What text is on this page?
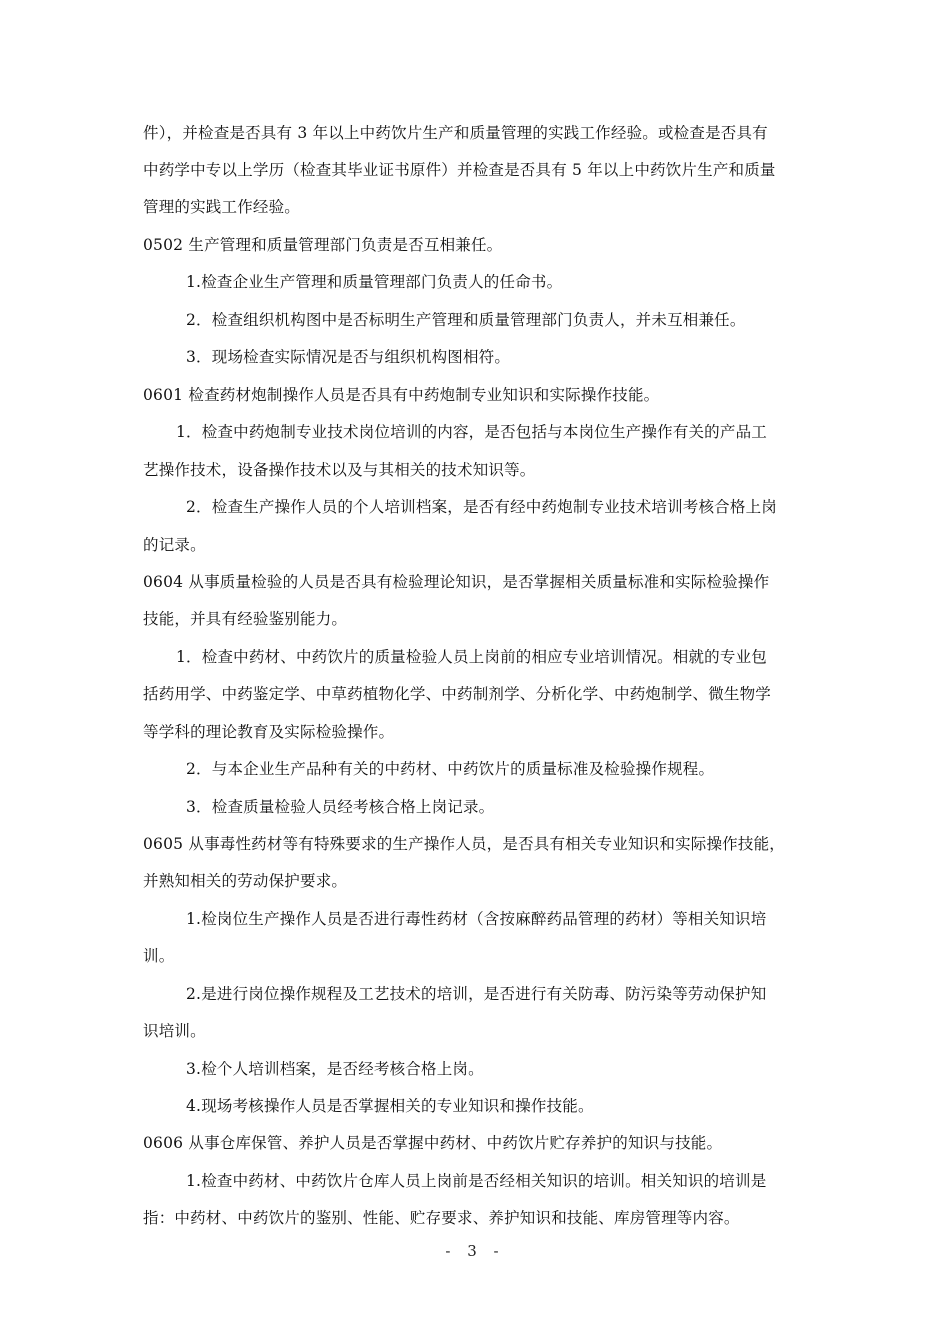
件），并检查是否具有 3 年以上中药饮片生产和质量管理的实践工作经验。或检查是否具有
中药学中专以上学历（检查其毕业证书原件）并检查是否具有 5 年以上中药饮片生产和质量
管理的实践工作经验。
0502 生产管理和质量管理部门负责是否互相兼任。
1.检查企业生产管理和质量管理部门负责人的任命书。
2．检查组织机构图中是否标明生产管理和质量管理部门负责人，并未互相兼任。
3．现场检查实际情况是否与组织机构图相符。
0601 检查药材炮制操作人员是否具有中药炮制专业知识和实际操作技能。
1．检查中药炮制专业技术岗位培训的内容，是否包括与本岗位生产操作有关的产品工
艺操作技术，设备操作技术以及与其相关的技术知识等。
2．检查生产操作人员的个人培训档案，是否有经中药炮制专业技术培训考核合格上岗
的记录。
0604 从事质量检验的人员是否具有检验理论知识，是否掌握相关质量标准和实际检验操作
技能，并具有经验鉴别能力。
1．检查中药材、中药饮片的质量检验人员上岗前的相应专业培训情况。相就的专业包
括药用学、中药鉴定学、中草药植物化学、中药制剂学、分析化学、中药炮制学、微生物学
等学科的理论教育及实际检验操作。
2．与本企业生产品种有关的中药材、中药饮片的质量标准及检验操作规程。
3．检查质量检验人员经考核合格上岗记录。
0605 从事毒性药材等有特殊要求的生产操作人员，是否具有相关专业知识和实际操作技能，
并熟知相关的劳动保护要求。
1.检岗位生产操作人员是否进行毒性药材（含按麻醉药品管理的药材）等相关知识培
训。
2.是进行岗位操作规程及工艺技术的培训，是否进行有关防毒、防污染等劳动保护知
识培训。
3.检个人培训档案，是否经考核合格上岗。
4.现场考核操作人员是否掌握相关的专业知识和操作技能。
0606 从事仓库保管、养护人员是否掌握中药材、中药饮片贮存养护的知识与技能。
1.检查中药材、中药饮片仓库人员上岗前是否经相关知识的培训。相关知识的培训是
指：中药材、中药饮片的鉴别、性能、贮存要求、养护知识和技能、库房管理等内容。
- 3 -
